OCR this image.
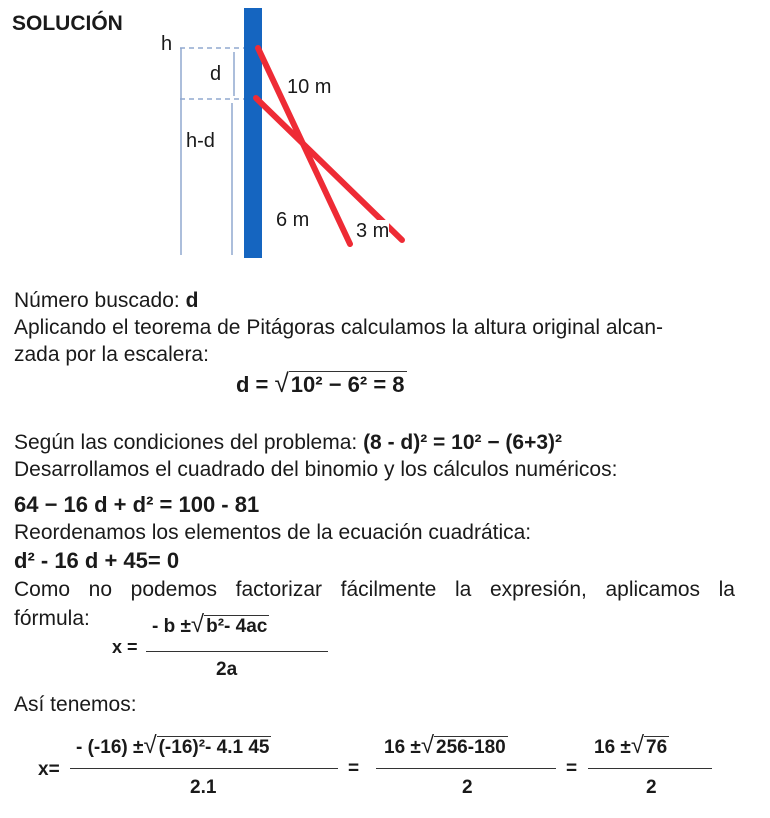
SOLUCIÓN
h
d
h-d
10 m
6 m 3 m
Número buscado: d
Aplicando el teorema de Pitágoras calculamos la altura original alcan-
zada por la escalera:
d = √10² − 6² = 8
Según las condiciones del problema: (8 - d)² = 10² − (6+3)²
Desarrollamos el cuadrado del binomio y los cálculos numéricos:
64 − 16 d + d² = 100 - 81
Reordenamos los elementos de la ecuación cuadrática:
d² - 16 d + 45= 0
Como no podemos factorizar fácilmente la expresión, aplicamos la
fórmula:
x =
- b ±√ b²- 4ac
2a
Así tenemos:
x=
- (-16) ±√ (-16)²- 4.1 45
2.1
=
16 ±√ 256-180
2
=
16 ±√ 76
2
